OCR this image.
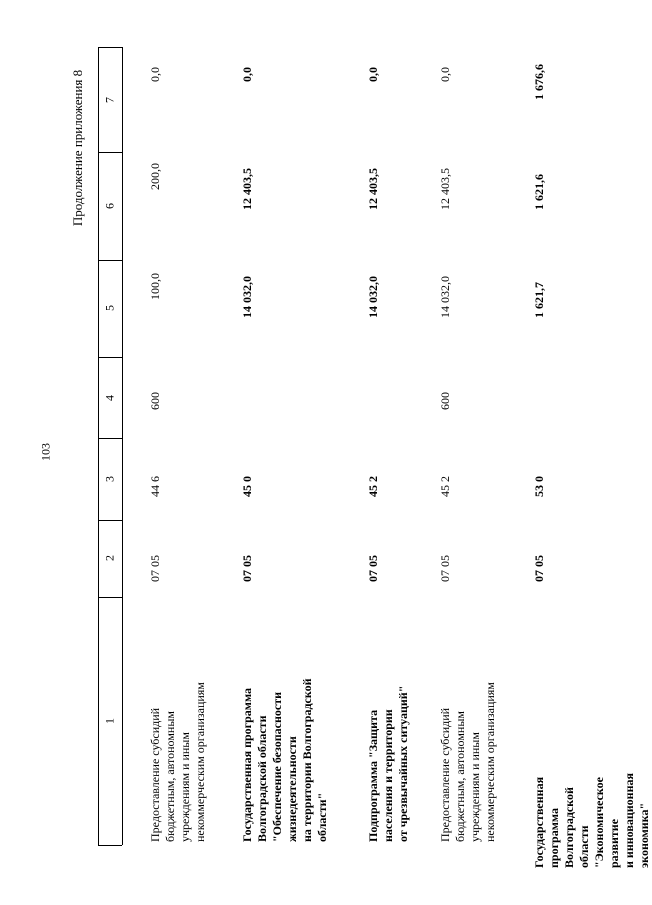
103
Продолжение приложения 8 7
6
5
4
3
2
1
Предоставление субсидий
бюджетным, автономным
учреждениям и иным
некоммерческим организациям
07 05
44 6
600
100,0
200,0
0,0
Государственная программа
Волгоградской области
"Обеспечение безопасности
жизнедеятельности
на территории Волгоградской
области"
07 05
45 0
14 032,0
12 403,5
0,0
Подпрограмма "Защита
населения и территории
от чрезвычайных ситуаций"
07 05
45 2
14 032,0
12 403,5
0,0
Предоставление субсидий
бюджетным, автономным
учреждениям и иным
некоммерческим организациям
07 05
45 2
600
14 032,0
12 403,5
0,0
Государственная программа
Волгоградской области
"Экономическое развитие
и инновационная экономика"
07 05
53 0
1 621,7
1 621,6
1 676,6
